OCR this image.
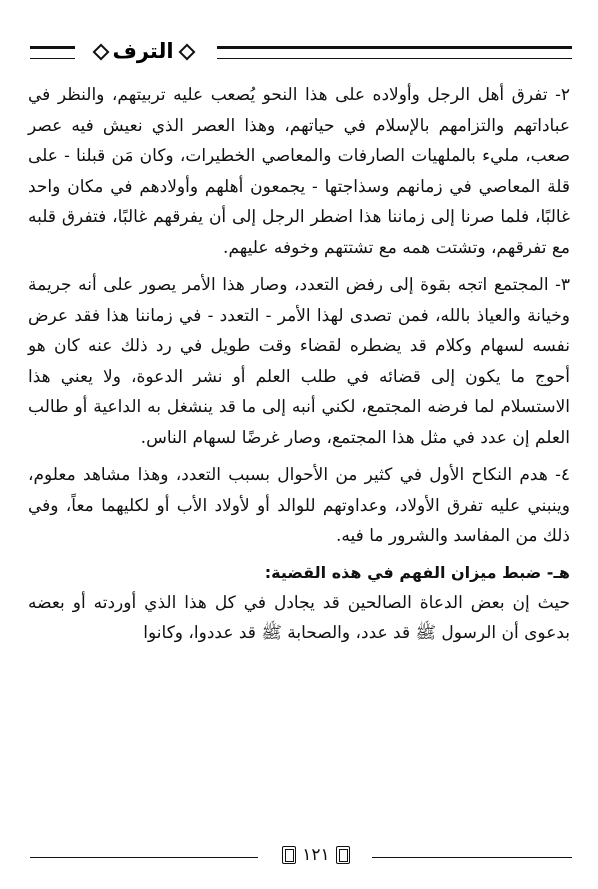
الترف

٢- تفرق أهل الرجل وأولاده على هذا النحو يُصعب عليه تربيتهم، والنظر في عباداتهم والتزامهم بالإسلام في حياتهم، وهذا العصر الذي نعيش فيه عصر صعب، مليء بالملهيات الصارفات والمعاصي الخطيرات، وكان مَن قبلنا - على قلة المعاصي في زمانهم وسذاجتها - يجمعون أهلهم وأولادهم في مكان واحد غالبًا، فلما صرنا إلى زماننا هذا اضطر الرجل إلى أن يفرقهم غالبًا، فتفرق قلبه مع تفرقهم، وتشتت همه مع تشتتهم وخوفه عليهم.

٣- المجتمع اتجه بقوة إلى رفض التعدد، وصار هذا الأمر يصور على أنه جريمة وخيانة والعياذ بالله، فمن تصدى لهذا الأمر - التعدد - في زماننا هذا فقد عرض نفسه لسهام وكلام قد يضطره لقضاء وقت طويل في رد ذلك عنه كان هو أحوج ما يكون إلى قضائه في طلب العلم أو نشر الدعوة، ولا يعني هذا الاستسلام لما فرضه المجتمع، لكني أنبه إلى ما قد ينشغل به الداعية أو طالب العلم إن عدد في مثل هذا المجتمع، وصار غرضًا لسهام الناس.

٤- هدم النكاح الأول في كثير من الأحوال بسبب التعدد، وهذا مشاهد معلوم، وينبني عليه تفرق الأولاد، وعداوتهم للوالد أو لأولاد الأب أو لكليهما معاً، وفي ذلك من المفاسد والشرور ما فيه.

هـ- ضبط ميزان الفهم في هذه القضية:

حيث إن بعض الدعاة الصالحين قد يجادل في كل هذا الذي أوردته أو بعضه بدعوى أن الرسول ﷺ قد عدد، والصحابة ﷺ قد عددوا، وكانوا

١٢١
